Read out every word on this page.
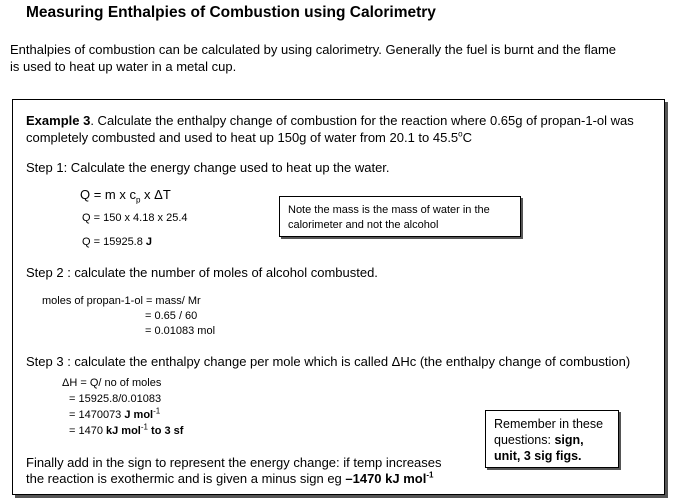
Measuring Enthalpies of Combustion using Calorimetry
Enthalpies of combustion can be calculated by using calorimetry. Generally the fuel is burnt and the flame
is used to heat up water in a metal cup.
Example 3. Calculate the enthalpy change of combustion for the reaction where 0.65g of propan-1-ol was
completely combusted and used to heat up 150g of water from 20.1 to 45.5$^o$C
Step 1: Calculate the energy change used to heat up the water.
Q = m x $c_p$ x ΔT
Q = 150 x 4.18 x 25.4
Q = 15925.8 J
Note the mass is the mass of water in the
calorimeter and not the alcohol
Step 2 : calculate the number of moles of alcohol combusted.
moles of propan-1-ol = mass/ Mr
= 0.65 / 60
= 0.01083 mol
Step 3 : calculate the enthalpy change per mole which is called ΔHc (the enthalpy change of combustion)
ΔH = Q/ no of moles
= 15925.8/0.01083
= 1470073 J mol$^{-1}$
= 1470 kJ mol$^{-1}$ to 3 sf	Remember in these
questions: sign,
unit, 3 sig figs.
Finally add in the sign to represent the energy change: if temp increases
the reaction is exothermic and is given a minus sign eg –1470 kJ mol$^{-1}$
